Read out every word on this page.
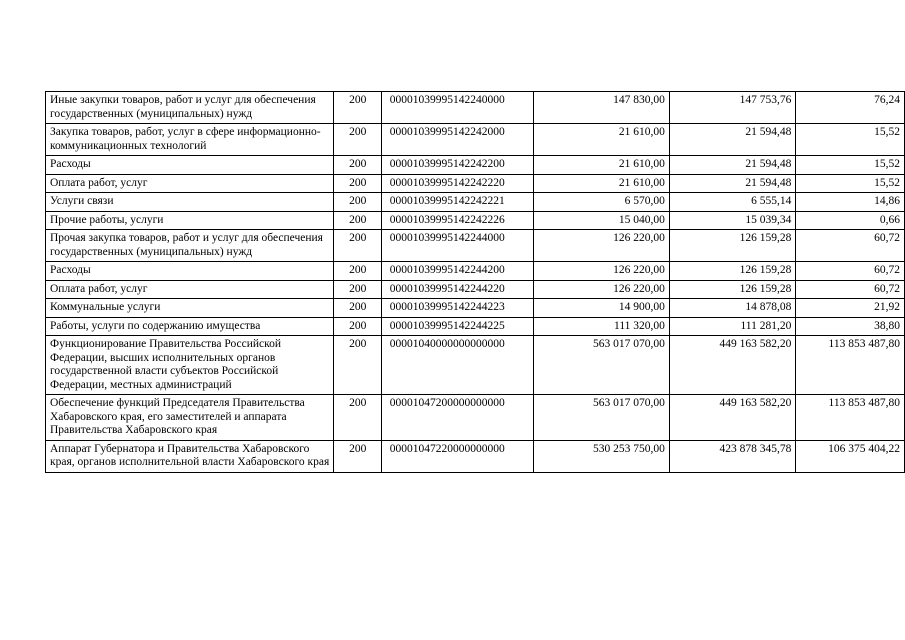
Иные закупки товаров, работ и услуг для обеспечения государственных (муниципальных) нужд	200	00001039995142240000	147 830,00	147 753,76	76,24
Закупка товаров, работ, услуг в сфере информационно-коммуникационных технологий	200	00001039995142242000	21 610,00	21 594,48	15,52
Расходы	200	00001039995142242200	21 610,00	21 594,48	15,52
Оплата работ, услуг	200	00001039995142242220	21 610,00	21 594,48	15,52
Услуги связи	200	00001039995142242221	6 570,00	6 555,14	14,86
Прочие работы, услуги	200	00001039995142242226	15 040,00	15 039,34	0,66
Прочая закупка товаров, работ и услуг для обеспечения государственных (муниципальных) нужд	200	00001039995142244000	126 220,00	126 159,28	60,72
Расходы	200	00001039995142244200	126 220,00	126 159,28	60,72
Оплата работ, услуг	200	00001039995142244220	126 220,00	126 159,28	60,72
Коммунальные услуги	200	00001039995142244223	14 900,00	14 878,08	21,92
Работы, услуги по содержанию имущества	200	00001039995142244225	111 320,00	111 281,20	38,80
Функционирование Правительства Российской Федерации, высших исполнительных органов государственной власти субъектов Российской Федерации, местных администраций	200	00001040000000000000	563 017 070,00	449 163 582,20	113 853 487,80
Обеспечение функций Председателя Правительства Хабаровского края, его заместителей и аппарата Правительства Хабаровского края	200	00001047200000000000	563 017 070,00	449 163 582,20	113 853 487,80
Аппарат Губернатора и Правительства Хабаровского края, органов исполнительной власти Хабаровского края	200	00001047220000000000	530 253 750,00	423 878 345,78	106 375 404,22
